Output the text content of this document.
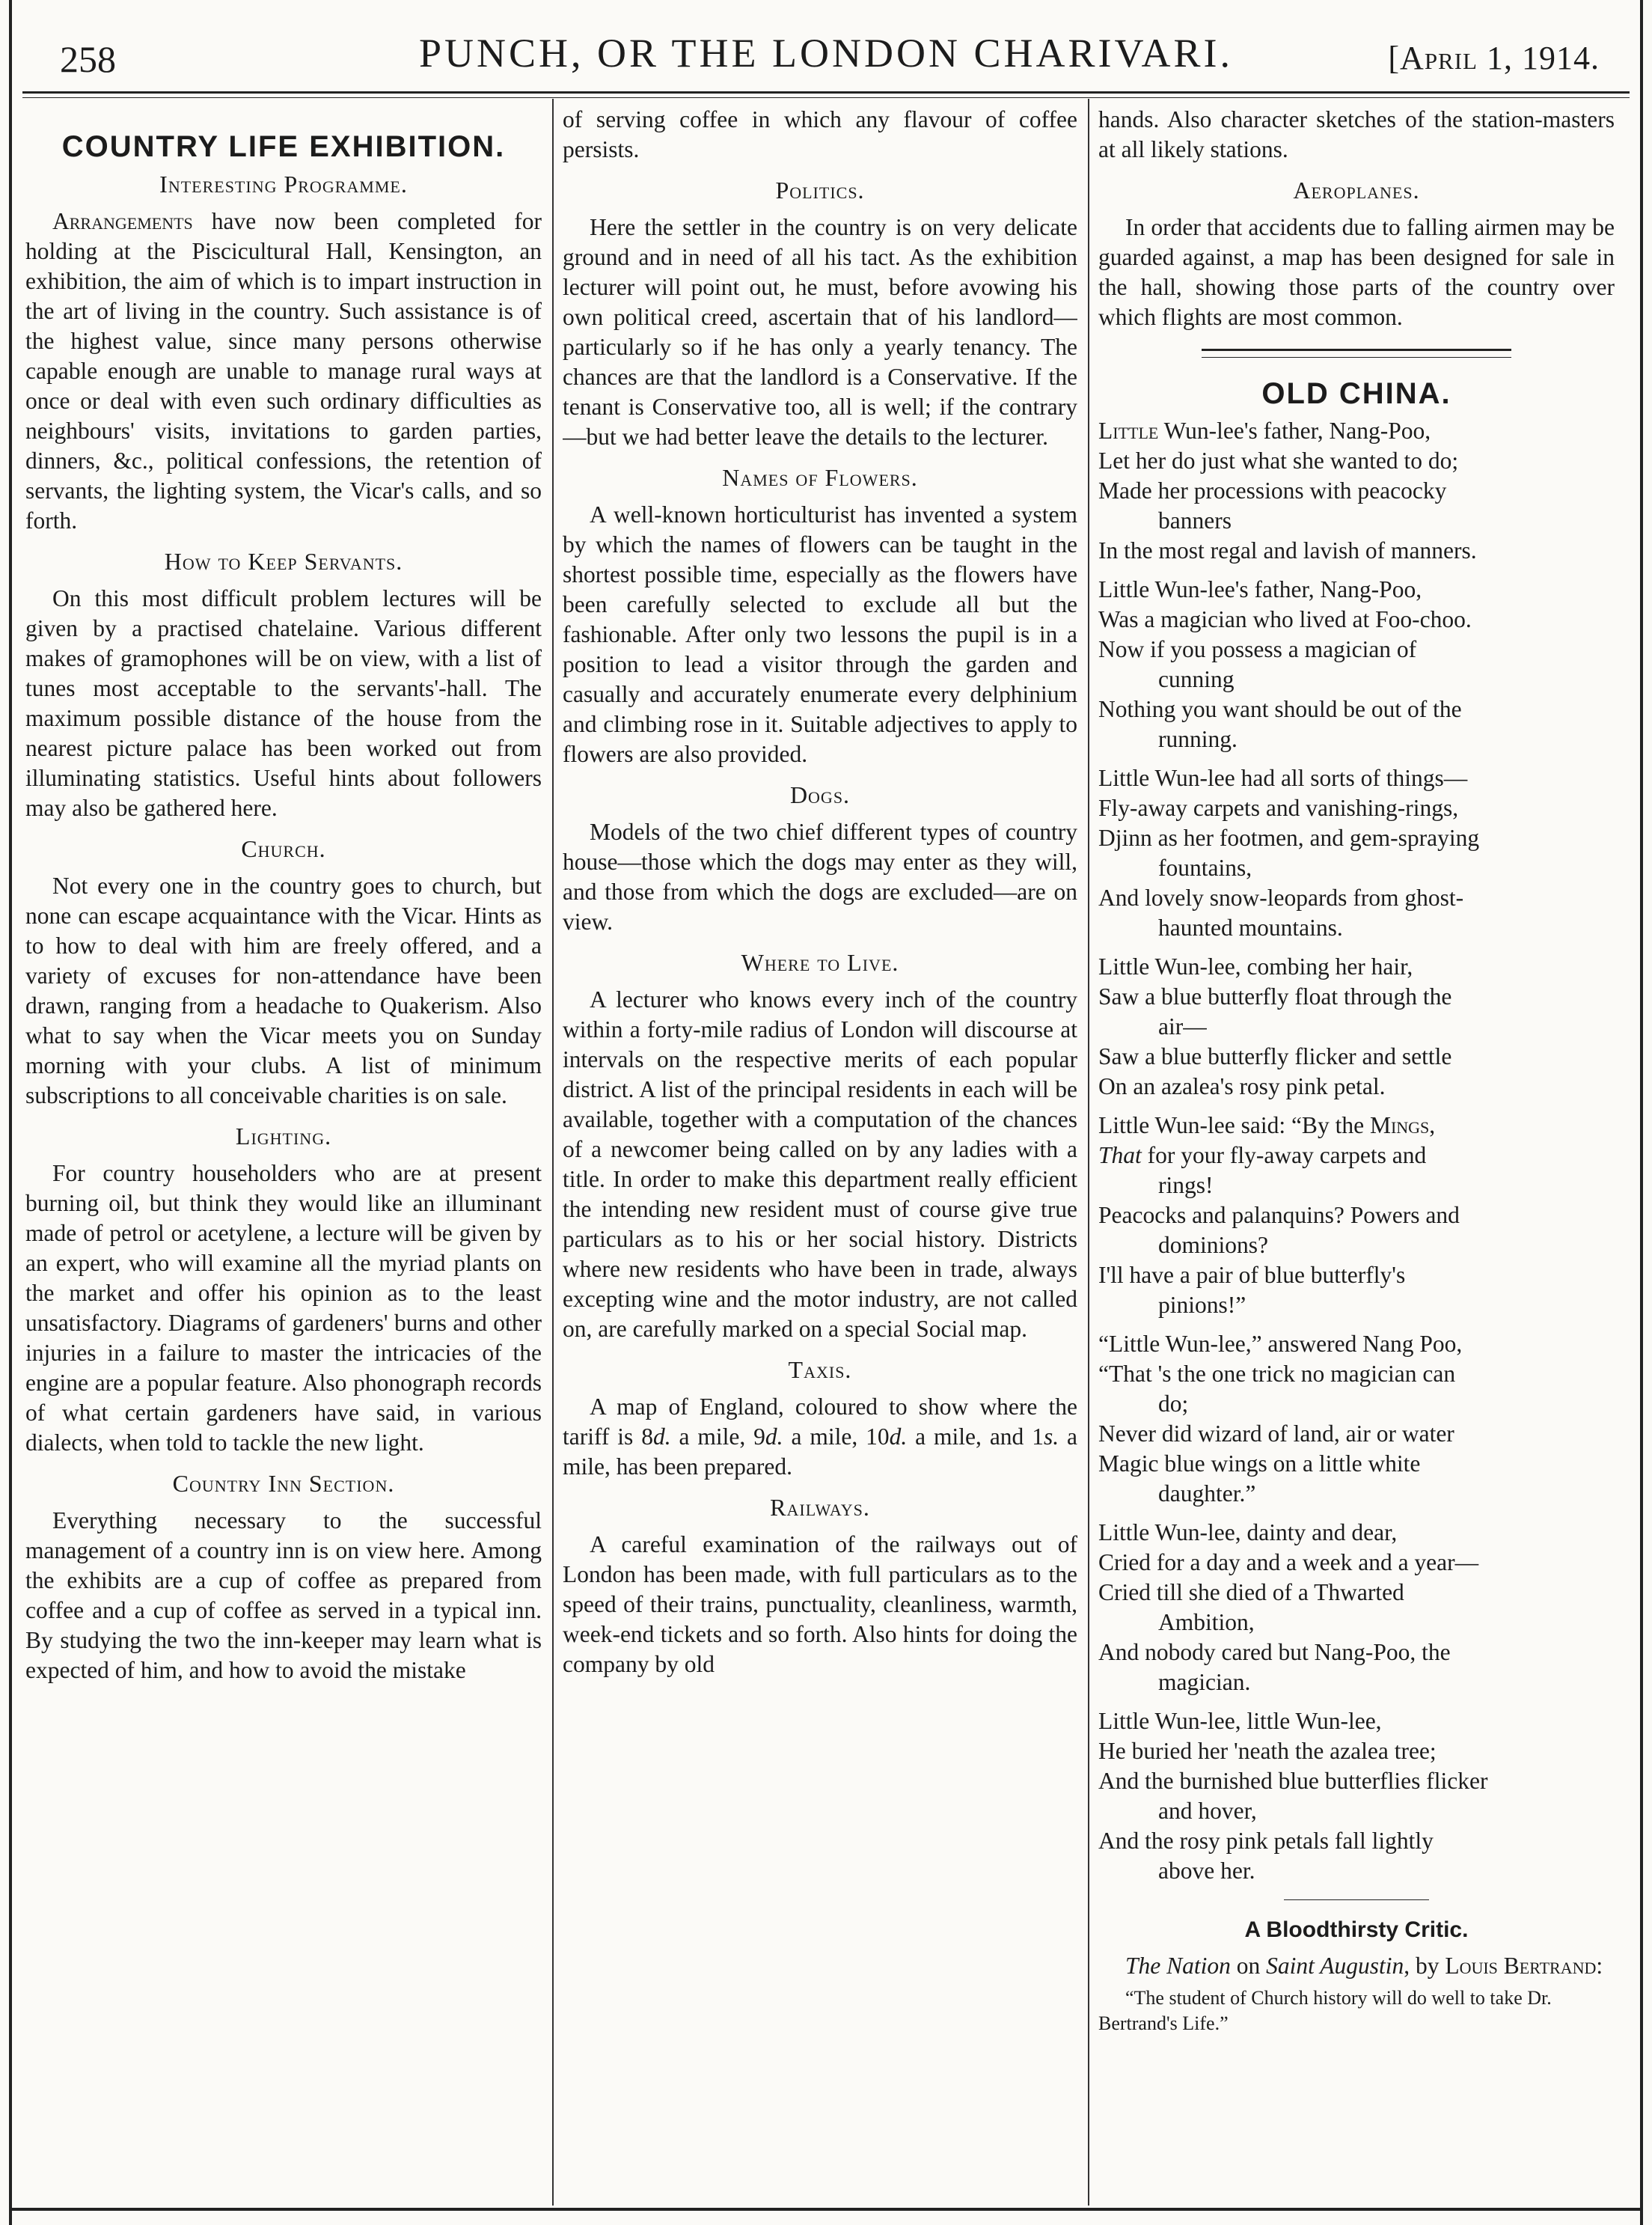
258	PUNCH, OR THE LONDON CHARIVARI.	[April 1, 1914.
COUNTRY LIFE EXHIBITION.
Interesting Programme.

Arrangements have now been completed for holding at the Piscicultural Hall, Kensington, an exhibition, the aim of which is to impart instruction in the art of living in the country. Such assistance is of the highest value, since many persons otherwise capable enough are unable to manage rural ways at once or deal with even such ordinary difficulties as neighbours' visits, invitations to garden parties, dinners, &c., political confessions, the retention of servants, the lighting system, the Vicar's calls, and so forth.

How to Keep Servants.

On this most difficult problem lectures will be given by a practised chatelaine. Various different makes of gramophones will be on view, with a list of tunes most acceptable to the servants'-hall. The maximum possible distance of the house from the nearest picture palace has been worked out from illuminating statistics. Useful hints about followers may also be gathered here.

Church.

Not every one in the country goes to church, but none can escape acquaintance with the Vicar. Hints as to how to deal with him are freely offered, and a variety of excuses for non-attendance have been drawn, ranging from a headache to Quakerism. Also what to say when the Vicar meets you on Sunday morning with your clubs. A list of minimum subscriptions to all conceivable charities is on sale.

Lighting.

For country householders who are at present burning oil, but think they would like an illuminant made of petrol or acetylene, a lecture will be given by an expert, who will examine all the myriad plants on the market and offer his opinion as to the least unsatisfactory. Diagrams of gardeners' burns and other injuries in a failure to master the intricacies of the engine are a popular feature. Also phonograph records of what certain gardeners have said, in various dialects, when told to tackle the new light.

Country Inn Section.

Everything necessary to the successful management of a country inn is on view here. Among the exhibits are a cup of coffee as prepared from coffee and a cup of coffee as served in a typical inn. By studying the two the inn-keeper may learn what is expected of him, and how to avoid the mistake

of serving coffee in which any flavour of coffee persists.

Politics.

Here the settler in the country is on very delicate ground and in need of all his tact. As the exhibition lecturer will point out, he must, before avowing his own political creed, ascertain that of his landlord—particularly so if he has only a yearly tenancy. The chances are that the landlord is a Conservative. If the tenant is Conservative too, all is well; if the contrary—but we had better leave the details to the lecturer.

Names of Flowers.

A well-known horticulturist has invented a system by which the names of flowers can be taught in the shortest possible time, especially as the flowers have been carefully selected to exclude all but the fashionable. After only two lessons the pupil is in a position to lead a visitor through the garden and casually and accurately enumerate every delphinium and climbing rose in it. Suitable adjectives to apply to flowers are also provided.

Dogs.

Models of the two chief different types of country house—those which the dogs may enter as they will, and those from which the dogs are excluded—are on view.

Where to Live.

A lecturer who knows every inch of the country within a forty-mile radius of London will discourse at intervals on the respective merits of each popular district. A list of the principal residents in each will be available, together with a computation of the chances of a newcomer being called on by any ladies with a title. In order to make this department really efficient the intending new resident must of course give true particulars as to his or her social history. Districts where new residents who have been in trade, always excepting wine and the motor industry, are not called on, are carefully marked on a special Social map.

Taxis.

A map of England, coloured to show where the tariff is 8d. a mile, 9d. a mile, 10d. a mile, and 1s. a mile, has been prepared.

Railways.

A careful examination of the railways out of London has been made, with full particulars as to the speed of their trains, punctuality, cleanliness, warmth, week-end tickets and so forth. Also hints for doing the company by old

hands. Also character sketches of the station-masters at all likely stations.

Aeroplanes.

In order that accidents due to falling airmen may be guarded against, a map has been designed for sale in the hall, showing those parts of the country over which flights are most common.

OLD CHINA.
Little Wun-lee's father, Nang-Poo,
Let her do just what she wanted to do;
Made her processions with peacocky
banners
In the most regal and lavish of manners.
Little Wun-lee's father, Nang-Poo,
Was a magician who lived at Foo-choo.
Now if you possess a magician of
cunning
Nothing you want should be out of the
running.
Little Wun-lee had all sorts of things—
Fly-away carpets and vanishing-rings,
Djinn as her footmen, and gem-spraying
fountains,
And lovely snow-leopards from ghost-
haunted mountains.
Little Wun-lee, combing her hair,
Saw a blue butterfly float through the
air—
Saw a blue butterfly flicker and settle
On an azalea's rosy pink petal.
Little Wun-lee said: “By the Mings,
That for your fly-away carpets and
rings!
Peacocks and palanquins? Powers and
dominions?
I'll have a pair of blue butterfly's
pinions!”
“Little Wun-lee,” answered Nang Poo,
“That 's the one trick no magician can
do;
Never did wizard of land, air or water
Magic blue wings on a little white
daughter.”
Little Wun-lee, dainty and dear,
Cried for a day and a week and a year—
Cried till she died of a Thwarted
Ambition,
And nobody cared but Nang-Poo, the
magician.
Little Wun-lee, little Wun-lee,
He buried her 'neath the azalea tree;
And the burnished blue butterflies flicker
and hover,
And the rosy pink petals fall lightly
above her.
A Bloodthirsty Critic.

The Nation on Saint Augustin, by Louis Bertrand:

“The student of Church history will do well to take Dr. Bertrand's Life.”
